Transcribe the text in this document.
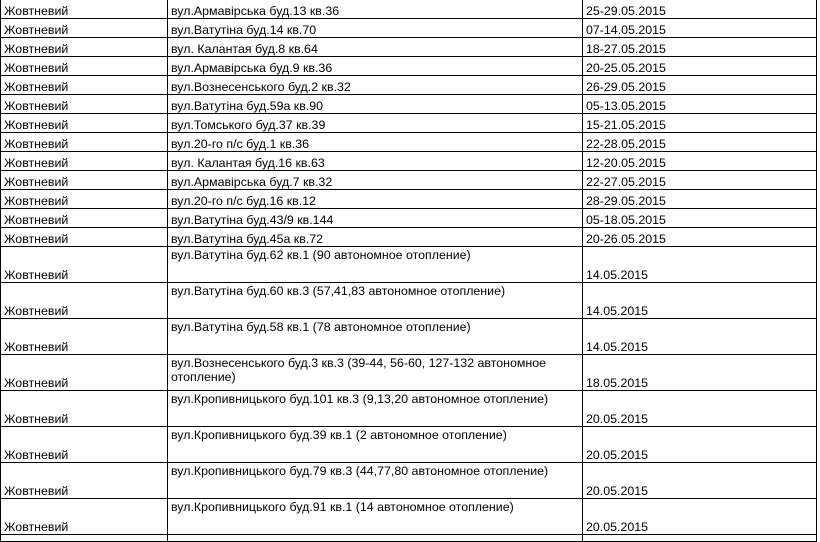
Жовтневий	вул.Армавірська буд.13 кв.36	25-29.05.2015
Жовтневий	вул.Ватутіна буд.14 кв.70	07-14.05.2015
Жовтневий	вул. Калантая буд.8 кв.64	18-27.05.2015
Жовтневий	вул.Армавірська буд.9 кв.36	20-25.05.2015
Жовтневий	вул.Вознесенського буд.2 кв.32	26-29.05.2015
Жовтневий	вул.Ватутіна буд.59а кв.90	05-13.05.2015
Жовтневий	вул.Томського буд.37 кв.39	15-21.05.2015
Жовтневий	вул.20-го п/с буд.1 кв.36	22-28.05.2015
Жовтневий	вул. Калантая буд.16 кв.63	12-20.05.2015
Жовтневий	вул.Армавірська буд.7 кв.32	22-27.05.2015
Жовтневий	вул.20-го п/с буд.16 кв.12	28-29.05.2015
Жовтневий	вул.Ватутіна буд.43/9 кв.144	05-18.05.2015
Жовтневий	вул.Ватутіна буд.45а кв.72	20-26.05.2015
Жовтневий	вул.Ватутіна буд.62 кв.1 (90 автономное отопление)	14.05.2015
Жовтневий	вул.Ватутіна буд.60 кв.3 (57,41,83 автономное отопление)	14.05.2015
Жовтневий	вул.Ватутіна буд.58 кв.1 (78 автономное отопление)	14.05.2015
Жовтневий	вул.Вознесенського буд.3 кв.3 (39-44, 56-60, 127-132 автономное отопление)	18.05.2015
Жовтневий	вул.Кропивницького буд.101 кв.3 (9,13,20 автономное отопление)	20.05.2015
Жовтневий	вул.Кропивницького буд.39 кв.1 (2 автономное отопление)	20.05.2015
Жовтневий	вул.Кропивницького буд.79 кв.3 (44,77,80 автономное отопление)	20.05.2015
Жовтневий	вул.Кропивницького буд.91 кв.1 (14 автономное отопление)	20.05.2015
